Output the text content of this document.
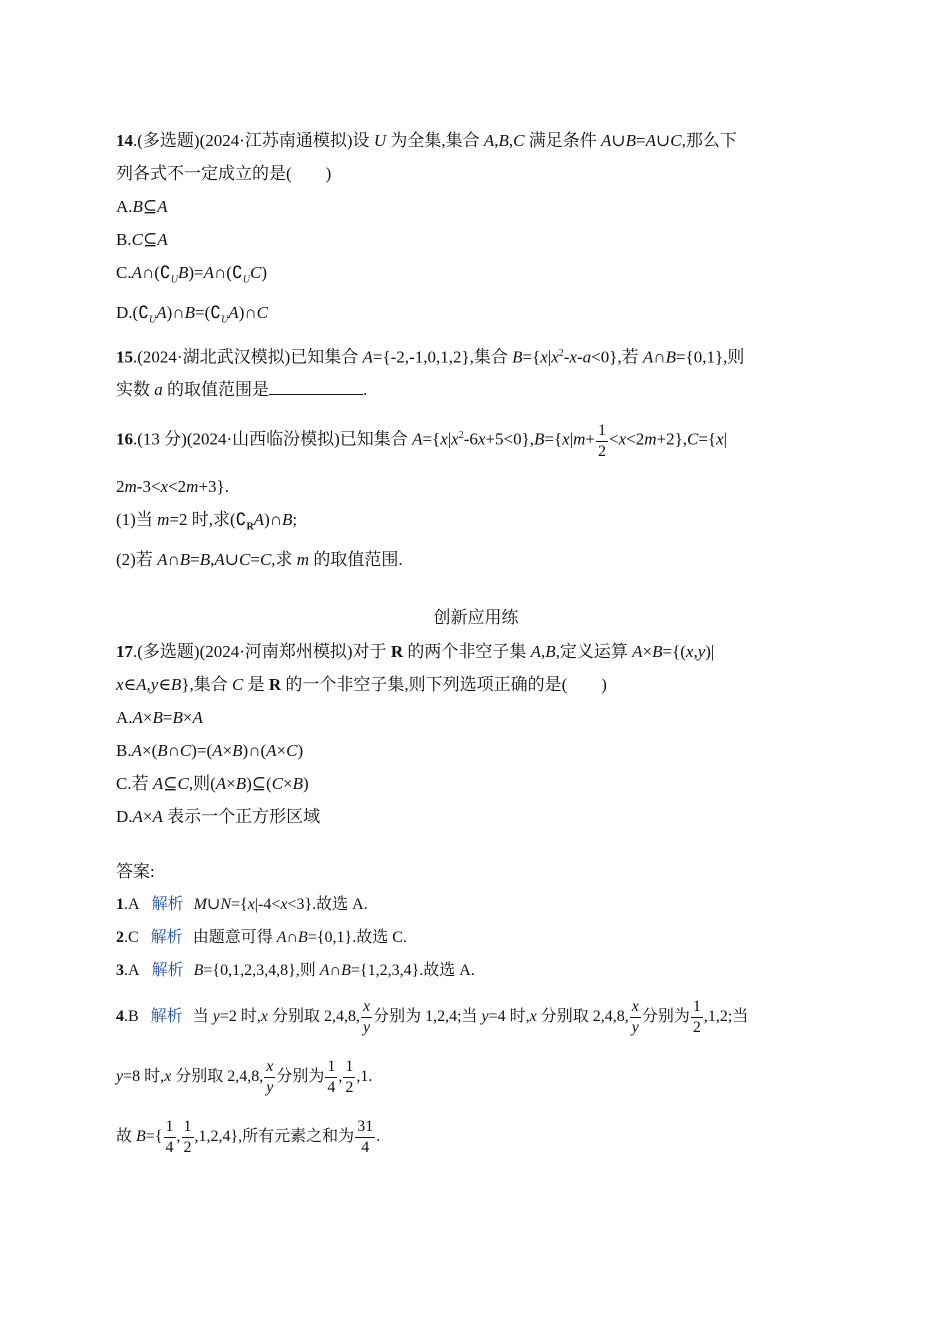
14.(多选题)(2024·江苏南通模拟)设 U 为全集,集合 A,B,C 满足条件 A∪B=A∪C,那么下
列各式不一定成立的是(　　)
A.B⊆A
B.C⊆A
$C.A\cap(∁_UB)=A\cap(∁_UC)$
$D.(∁_UA)\cap B=(∁_UA)\cap C$
15.(2024·湖北武汉模拟)已知集合 A={-2,-1,0,1,2},集合 $B=\{x|x^2-x-a<0\}$,若 A∩B={0,1},则
实数 a 的取值范围是	.
16.(13 分)(2024·山西临汾模拟)已知集合 $A=\{x|x^2-6x+5<0\},B=\{x|m+ \frac{1}{2} <x<2m+2\},C=\{x|$
2m-3<x<2m+3}.
(1)当 m=2 时,求$(∁_RA)\cap B$;
(2)若 A∩B=B,A∪C=C,求 m 的取值范围.
创新应用练
17.(多选题)(2024·河南郑州模拟)对于 R 的两个非空子集 A,B,定义运算 A×B={(x,y)|
x∈A,y∈B},集合 C 是 R 的一个非空子集,则下列选项正确的是(　　)
A.A×B=B×A
B.A×(B∩C)=(A×B)∩(A×C)
C.若 A⊆C,则(A×B)⊆(C×B)
D.A×A 表示一个正方形区域
答案:
1.A 解析 M∪N={x|-4<x<3}.故选 A.
2.C 解析 由题意可得 A∩B={0,1}.故选 C.
3.A 解析 B={0,1,2,3,4,8},则 A∩B={1,2,3,4}.故选 A.
4.B 解析 当 y=2 时,x 分别取 2,4,8, $\frac{x}{y}$ 分别为 1,2,4;当 y=4 时,x 分别取 2,4,8, $\frac{x}{y}$ 分别为 $\frac{1}{2} ,1,2$;当
y=8 时,x 分别取 2,4,8, $\frac{x}{y}$ 分别为 $\frac{1}{4}$ , $\frac{1}{2} ,1$.
故 $B=\{ \frac{1}{4}$ , $\frac{1}{2} ,1,2,4$},所有元素之和为 $\frac{31}{4}$ .
